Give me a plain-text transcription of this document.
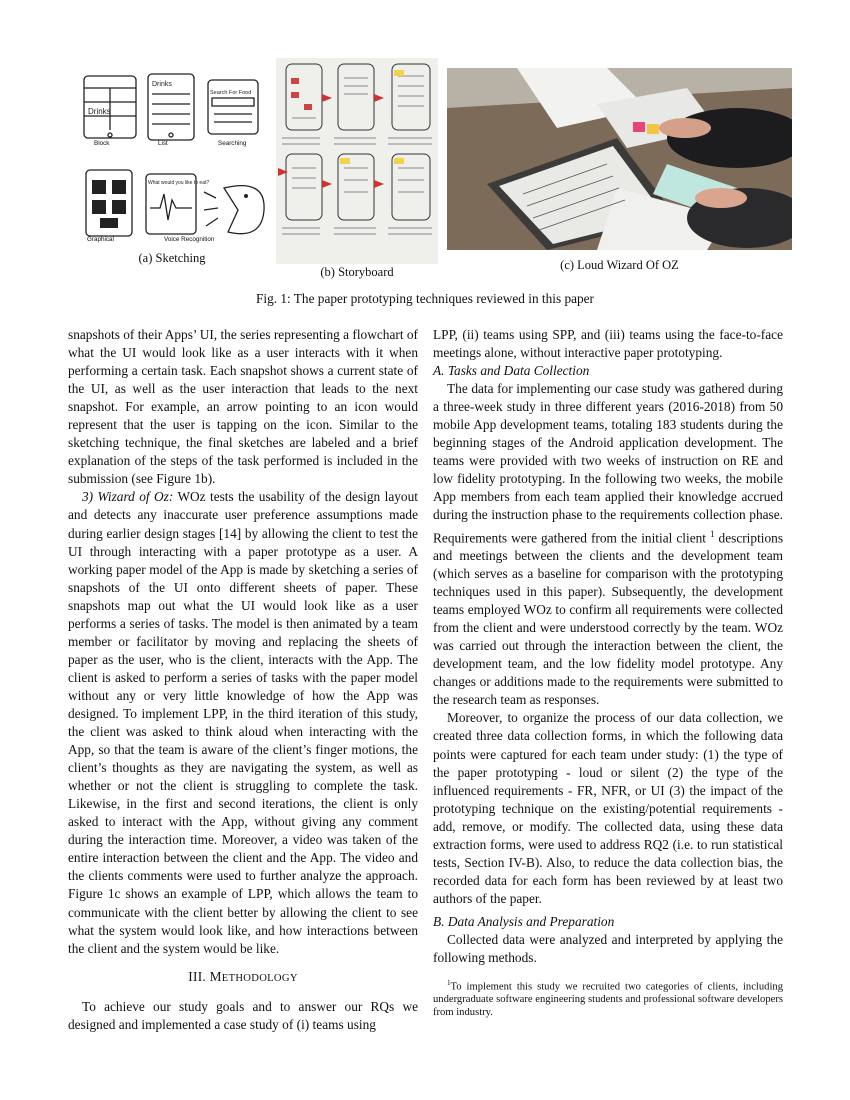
Drinks
Drinks
Search For Food
What would you like to eat?
Block	List	Searching
Graphical	Voice Recognition
(a) Sketching
(b) Storyboard	(c) Loud Wizard Of OZ
Fig. 1: The paper prototyping techniques reviewed in this paper

snapshots of their Apps’ UI, the series representing a flowchart of what the UI would look like as a user interacts with it when performing a certain task. Each snapshot shows a current state of the UI, as well as the user interaction that leads to the next snapshot. For example, an arrow pointing to an icon would represent that the user is tapping on the icon. Similar to the sketching technique, the final sketches are labeled and a brief explanation of the steps of the task performed is included in the submission (see Figure 1b).

3) Wizard of Oz: WOz tests the usability of the design layout and detects any inaccurate user preference assumptions made during earlier design stages [14] by allowing the client to test the UI through interacting with a paper prototype as a user. A working paper model of the App is made by sketching a series of snapshots of the UI onto different sheets of paper. These snapshots map out what the UI would look like as a user performs a series of tasks. The model is then animated by a team member or facilitator by moving and replacing the sheets of paper as the user, who is the client, interacts with the App. The client is asked to perform a series of tasks with the paper model without any or very little knowledge of how the App was designed. To implement LPP, in the third iteration of this study, the client was asked to think aloud when interacting with the App, so that the team is aware of the client’s finger motions, the client’s thoughts as they are navigating the system, as well as whether or not the client is struggling to complete the task. Likewise, in the first and second iterations, the client is only asked to interact with the App, without giving any comment during the interaction time. Moreover, a video was taken of the entire interaction between the client and the App. The video and the clients comments were used to further analyze the approach. Figure 1c shows an example of LPP, which allows the team to communicate with the client better by allowing the client to see what the system would look like, and how interactions between the client and the system would be like.

III. METHODOLOGY

To achieve our study goals and to answer our RQs we designed and implemented a case study of (i) teams using

LPP, (ii) teams using SPP, and (iii) teams using the face-to-face meetings alone, without interactive paper prototyping.

A. Tasks and Data Collection

The data for implementing our case study was gathered during a three-week study in three different years (2016-2018) from 50 mobile App development teams, totaling 183 students during the beginning stages of the Android application development. The teams were provided with two weeks of instruction on RE and low fidelity prototyping. In the following two weeks, the mobile App members from each team applied their knowledge accrued during the instruction phase to the requirements collection phase. Requirements were gathered from the initial client $^1$ descriptions and meetings between the clients and the development team (which serves as a baseline for comparison with the prototyping techniques used in this paper). Subsequently, the development teams employed WOz to confirm all requirements were collected from the client and were understood correctly by the team. WOz was carried out through the interaction between the client, the development team, and the low fidelity model prototype. Any changes or additions made to the requirements were submitted to the research team as responses.

Moreover, to organize the process of our data collection, we created three data collection forms, in which the following data points were captured for each team under study: (1) the type of the paper prototyping - loud or silent (2) the type of the influenced requirements - FR, NFR, or UI (3) the impact of the prototyping technique on the existing/potential requirements - add, remove, or modify. The collected data, using these data extraction forms, were used to address RQ2 (i.e. to run statistical tests, Section IV-B). Also, to reduce the data collection bias, the recorded data for each form has been reviewed by at least two authors of the paper.

B. Data Analysis and Preparation

Collected data were analyzed and interpreted by applying the following methods.

$^1$To implement this study we recruited two categories of clients, including undergraduate software engineering students and professional software developers from industry.
